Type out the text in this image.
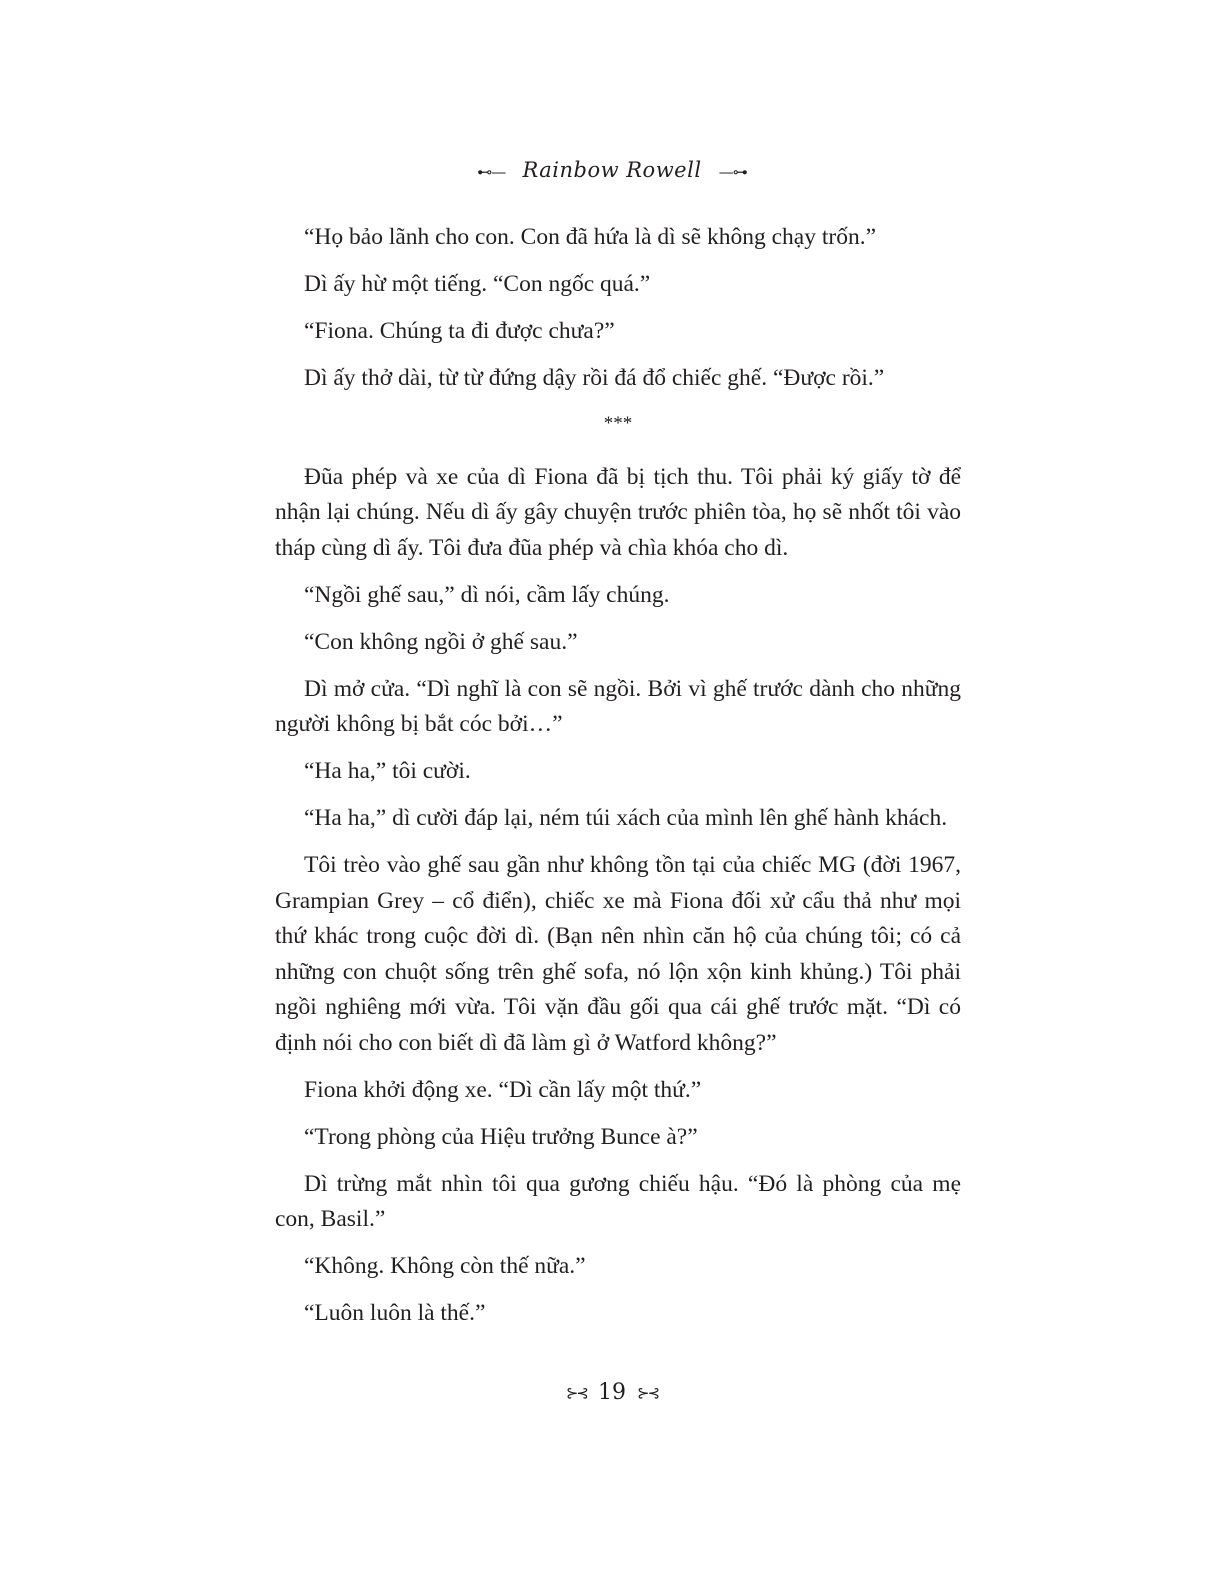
⊷— Rainbow Rowell —⊶

“Họ bảo lãnh cho con. Con đã hứa là dì sẽ không chạy trốn.”

Dì ấy hừ một tiếng. “Con ngốc quá.”

“Fiona. Chúng ta đi được chưa?”

Dì ấy thở dài, từ từ đứng dậy rồi đá đổ chiếc ghế. “Được rồi.”

***

Đũa phép và xe của dì Fiona đã bị tịch thu. Tôi phải ký giấy tờ để nhận lại chúng. Nếu dì ấy gây chuyện trước phiên tòa, họ sẽ nhốt tôi vào tháp cùng dì ấy. Tôi đưa đũa phép và chìa khóa cho dì.

“Ngồi ghế sau,” dì nói, cầm lấy chúng.

“Con không ngồi ở ghế sau.”

Dì mở cửa. “Dì nghĩ là con sẽ ngồi. Bởi vì ghế trước dành cho những người không bị bắt cóc bởi…”

“Ha ha,” tôi cười.

“Ha ha,” dì cười đáp lại, ném túi xách của mình lên ghế hành khách.

Tôi trèo vào ghế sau gần như không tồn tại của chiếc MG (đời 1967, Grampian Grey – cổ điển), chiếc xe mà Fiona đối xử cẩu thả như mọi thứ khác trong cuộc đời dì. (Bạn nên nhìn căn hộ của chúng tôi; có cả những con chuột sống trên ghế sofa, nó lộn xộn kinh khủng.) Tôi phải ngồi nghiêng mới vừa. Tôi vặn đầu gối qua cái ghế trước mặt. “Dì có định nói cho con biết dì đã làm gì ở Watford không?”

Fiona khởi động xe. “Dì cần lấy một thứ.”

“Trong phòng của Hiệu trưởng Bunce à?”

Dì trừng mắt nhìn tôi qua gương chiếu hậu. “Đó là phòng của mẹ con, Basil.”

“Không. Không còn thế nữa.”

“Luôn luôn là thế.”

⊱⊰ 19 ⊱⊰
